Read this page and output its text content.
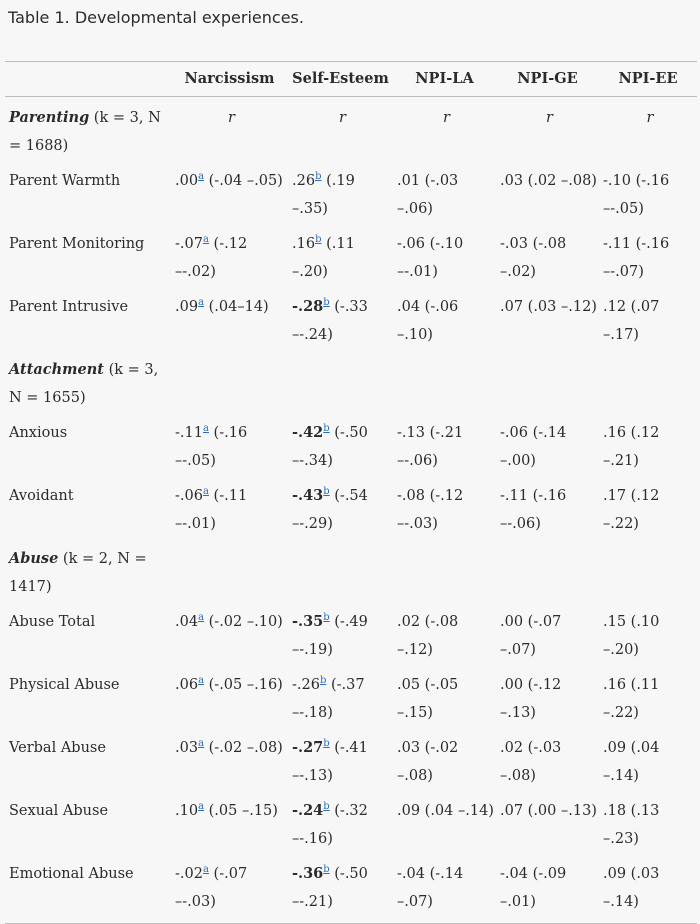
Table 1. Developmental experiences.
	Narcissism	Self-Esteem	NPI-LA	NPI-GE	NPI-EE
Parenting (k = 3, N = 1688)	r	r	r	r	r
Parent Warmth	.00$^a$ (-.04 –.05)	.26$^b$ (.19 –.35)	.01 (-.03 –.06)	.03 (.02 –.08)	-.10 (-.16 –-.05)
Parent Monitoring	-.07$^a$ (-.12 –-.02)	.16$^b$ (.11 –.20)	-.06 (-.10 –-.01)	-.03 (-.08 –.02)	-.11 (-.16 –-.07)
Parent Intrusive	.09$^a$ (.04–14)	-.28$^b$ (-.33 –-.24)	.04 (-.06 –.10)	.07 (.03 –.12)	.12 (.07 –.17)
Attachment (k = 3, N = 1655)					
Anxious	-.11$^a$ (-.16 –-.05)	-.42$^b$ (-.50 –-.34)	-.13 (-.21 –-.06)	-.06 (-.14 –.00)	.16 (.12 –.21)
Avoidant	-.06$^a$ (-.11 –-.01)	-.43$^b$ (-.54 –-.29)	-.08 (-.12 –-.03)	-.11 (-.16 –-.06)	.17 (.12 –.22)
Abuse (k = 2, N = 1417)					
Abuse Total	.04$^a$ (-.02 –.10)	-.35$^b$ (-.49 –-.19)	.02 (-.08 –.12)	.00 (-.07 –.07)	.15 (.10 –.20)
Physical Abuse	.06$^a$ (-.05 –.16)	-.26$^b$ (-.37 –-.18)	.05 (-.05 –.15)	.00 (-.12 –.13)	.16 (.11 –.22)
Verbal Abuse	.03$^a$ (-.02 –.08)	-.27$^b$ (-.41 –-.13)	.03 (-.02 –.08)	.02 (-.03 –.08)	.09 (.04 –.14)
Sexual Abuse	.10$^a$ (.05 –.15)	-.24$^b$ (-.32 –-.16)	.09 (.04 –.14)	.07 (.00 –.13)	.18 (.13 –.23)
Emotional Abuse	-.02$^a$ (-.07 –-.03)	-.36$^b$ (-.50 –-.21)	-.04 (-.14 –.07)	-.04 (-.09 –.01)	.09 (.03 –.14)
